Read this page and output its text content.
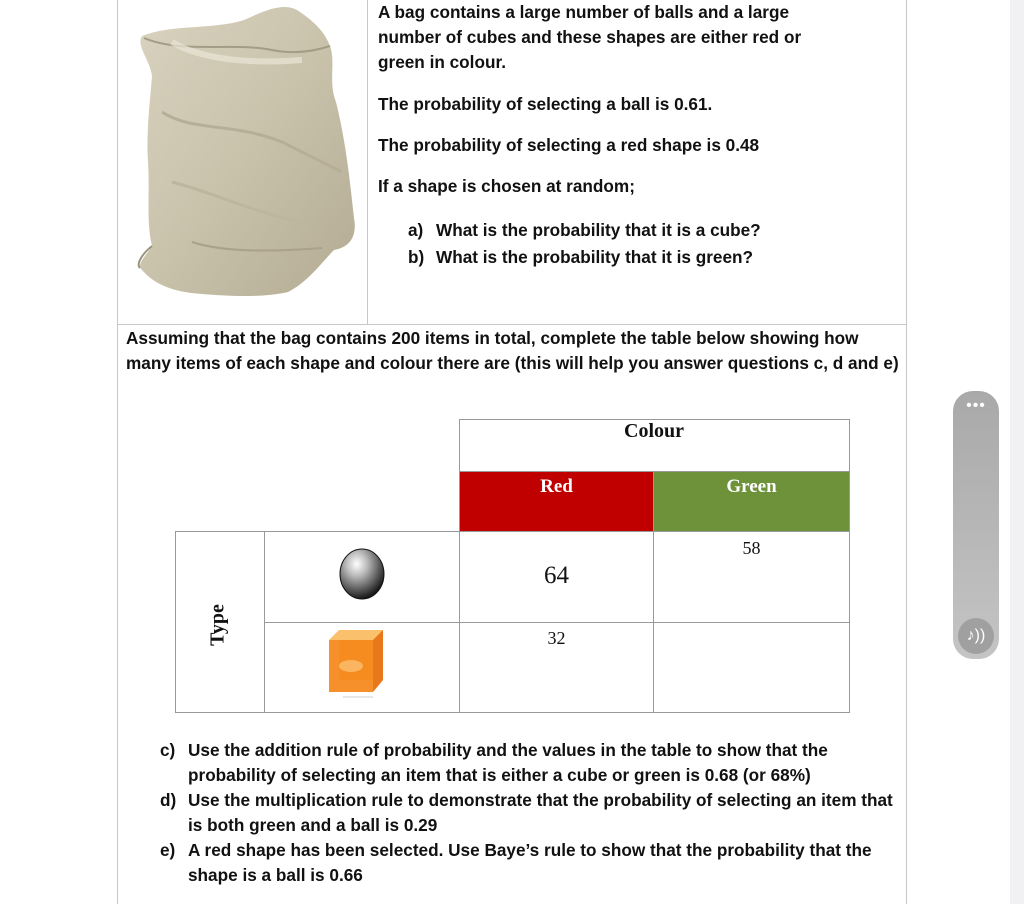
A bag contains a large number of balls and a large number of cubes and these shapes are either red or green in colour.

The probability of selecting a ball is 0.61.

The probability of selecting a red shape is 0.48

If a shape is chosen at random;

a) What is the probability that it is a cube?
b) What is the probability that it is green?
Assuming that the bag contains 200 items in total, complete the table below showing how many items of each shape and colour there are (this will help you answer questions c, d and e)
Colour
Red	Green
Type
64
58
32
c) Use the addition rule of probability and the values in the table to show that the probability of selecting an item that is either a cube or green is 0.68 (or 68%)
d) Use the multiplication rule to demonstrate that the probability of selecting an item that is both green and a ball is 0.29
e) A red shape has been selected. Use Baye’s rule to show that the probability that the shape is a ball is 0.66
•••
♪))
